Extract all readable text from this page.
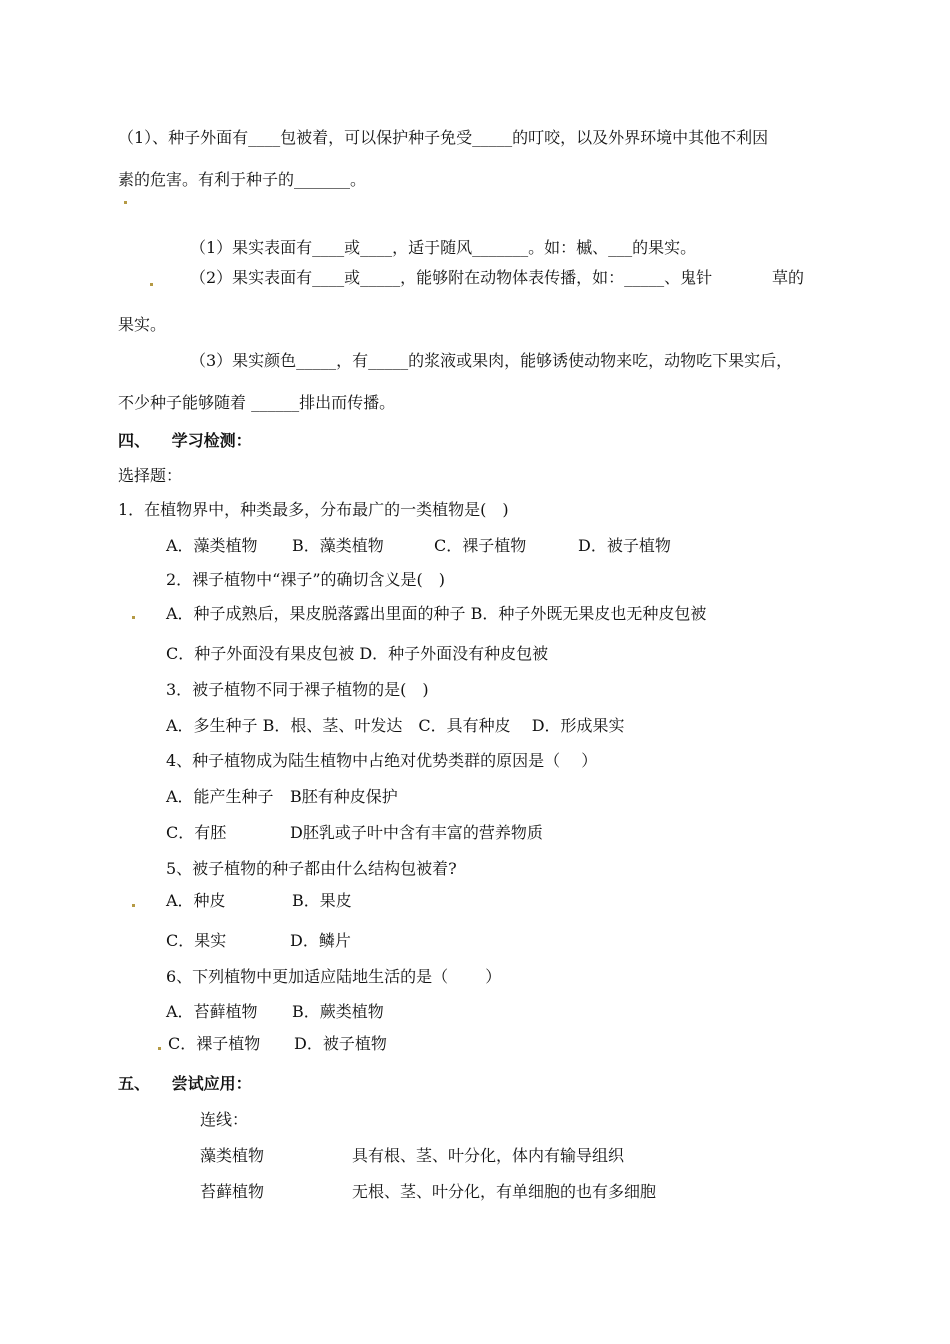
（1）、种子外面有____包被着，可以保护种子免受_____的叮咬，以及外界环境中其他不利因
素的危害。有利于种子的_______。
（1）果实表面有____或____，适于随风_______。如：槭、___的果实。
（2）果实表面有____或_____，能够附在动物体表传播，如：_____、鬼针	草的
果实。
（3）果实颜色_____，有_____的浆液或果肉，能够诱使动物来吃，动物吃下果实后，
不少种子能够随着 ______排出而传播。
四、 学习检测：
选择题：
1．在植物界中，种类最多，分布最广的一类植物是(　)
A．藻类植物 B．藻类植物	C．裸子植物	D．被子植物
2．裸子植物中“裸子”的确切含义是(　)
A．种子成熟后，果皮脱落露出里面的种子 B．种子外既无果皮也无种皮包被
C．种子外面没有果皮包被 D．种子外面没有种皮包被
3．被子植物不同于裸子植物的是(　)
A．多生种子 B．根、茎、叶发达　C．具有种皮　 D．形成果实
4、种子植物成为陆生植物中占绝对优势类群的原因是（　 ）
A．能产生种子 B胚有种皮保护
C．有胚	D胚乳或子叶中含有丰富的营养物质
5、被子植物的种子都由什么结构包被着?
A．种皮	B．果皮
C．果实	D．鳞片
6、下列植物中更加适应陆地生活的是（　　 ）
A．苔藓植物 B．蕨类植物
C．裸子植物 D．被子植物
五、 尝试应用：
连线：
藻类植物	具有根、茎、叶分化，体内有输导组织
苔藓植物	无根、茎、叶分化，有单细胞的也有多细胞
